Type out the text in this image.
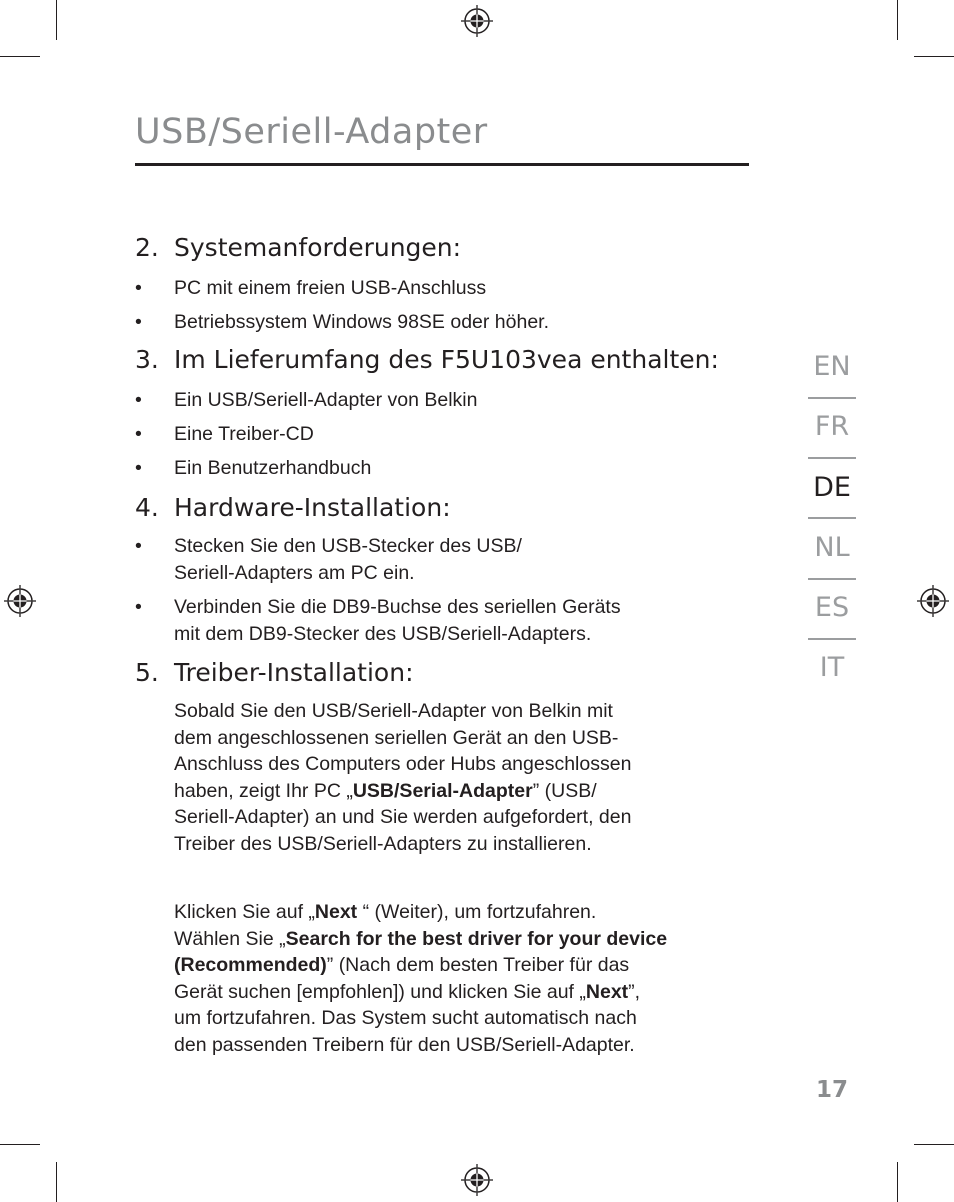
USB/Seriell-Adapter
2. Systemanforderungen:
• PC mit einem freien USB-Anschluss
• Betriebssystem Windows 98SE oder höher.
3. Im Lieferumfang des F5U103vea enthalten:
• Ein USB/Seriell-Adapter von Belkin
• Eine Treiber-CD
• Ein Benutzerhandbuch
4. Hardware-Installation:
• Stecken Sie den USB-Stecker des USB/
Seriell-Adapters am PC ein.
• Verbinden Sie die DB9-Buchse des seriellen Geräts
mit dem DB9-Stecker des USB/Seriell-Adapters.
5. Treiber-Installation:
Sobald Sie den USB/Seriell-Adapter von Belkin mit
dem angeschlossenen seriellen Gerät an den USB-
Anschluss des Computers oder Hubs angeschlossen
haben, zeigt Ihr PC „USB/Serial-Adapter” (USB/
Seriell-Adapter) an und Sie werden aufgefordert, den
Treiber des USB/Seriell-Adapters zu installieren.
Klicken Sie auf „Next “ (Weiter), um fortzufahren.
Wählen Sie „Search for the best driver for your device
(Recommended)” (Nach dem besten Treiber für das
Gerät suchen [empfohlen]) und klicken Sie auf „Next”,
um fortzufahren. Das System sucht automatisch nach
den passenden Treibern für den USB/Seriell-Adapter.
EN
FR
DE
NL
ES
IT
17
